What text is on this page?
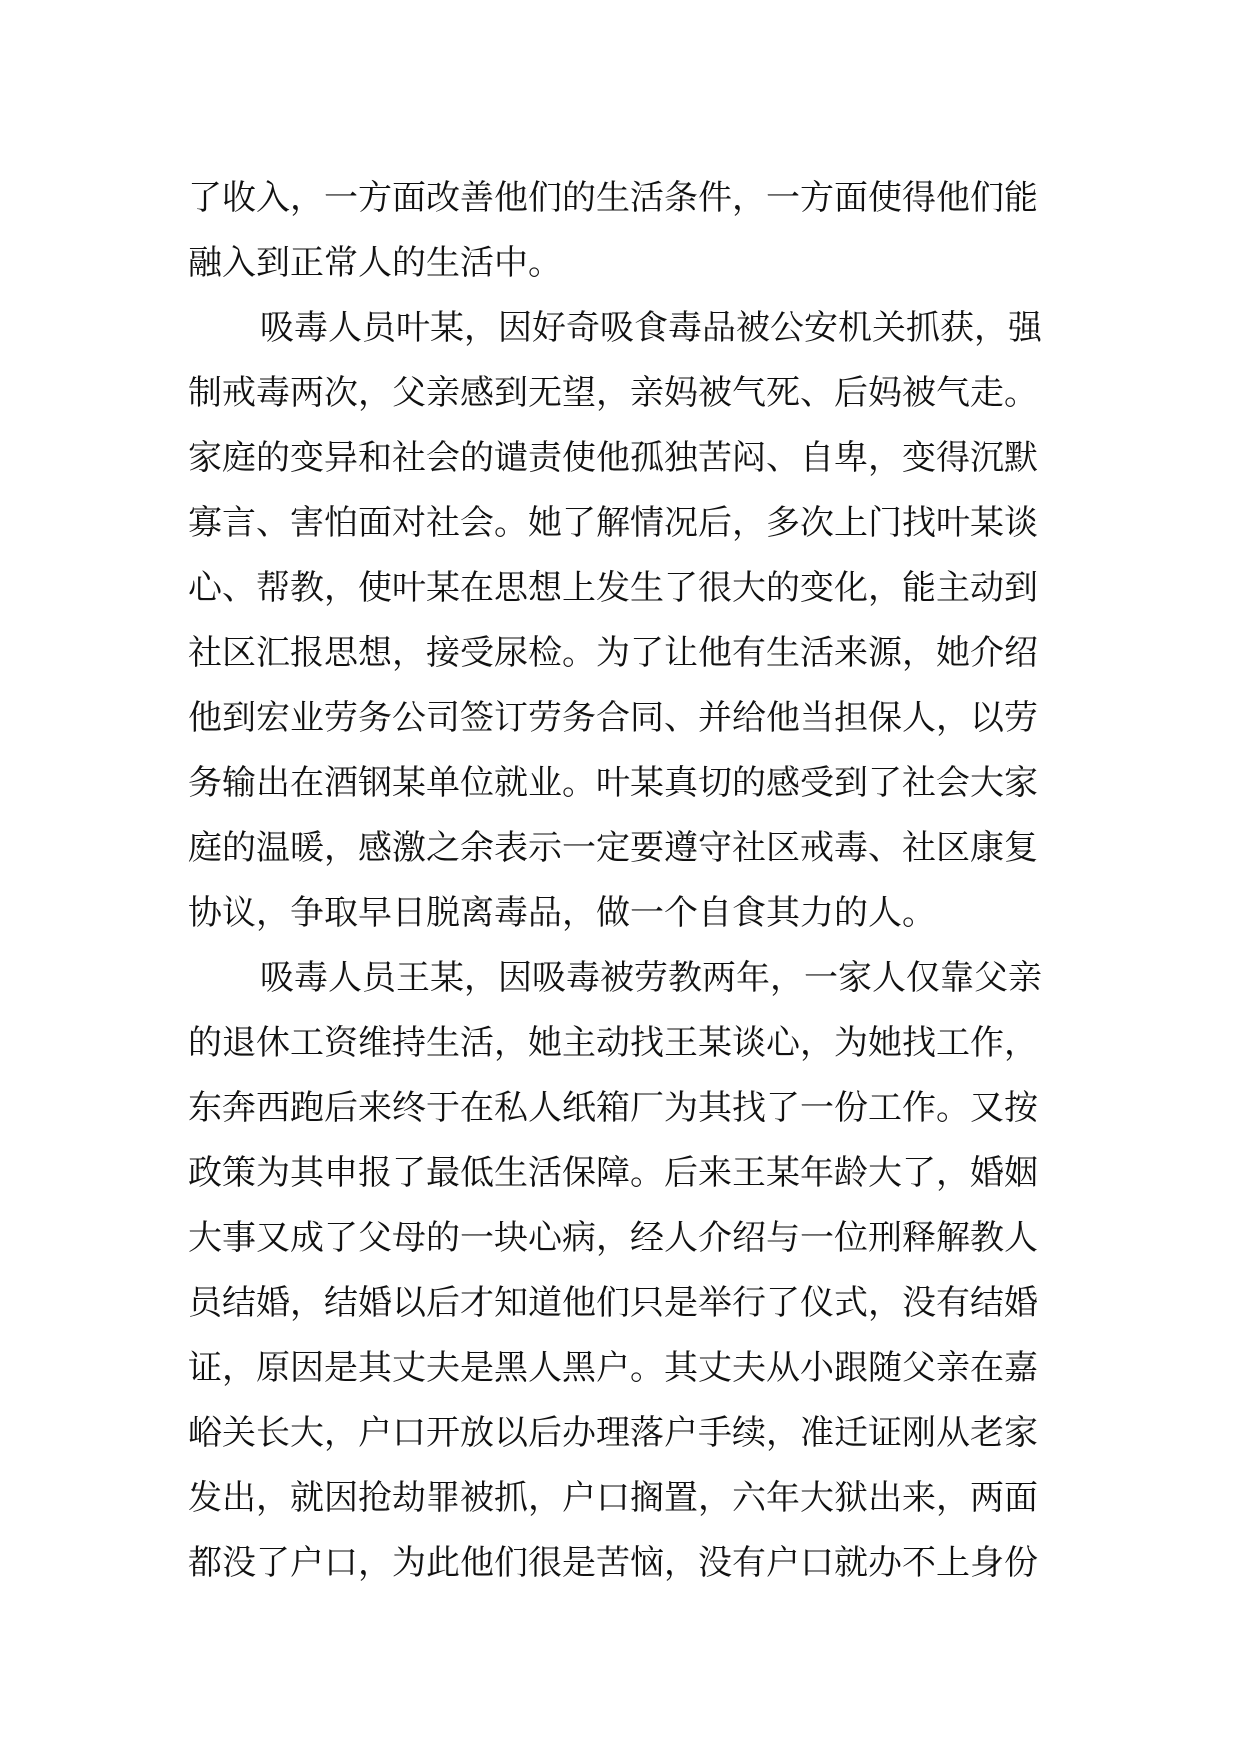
了收入，一方面改善他们的生活条件，一方面使得他们能
融入到正常人的生活中。
吸毒人员叶某，因好奇吸食毒品被公安机关抓获，强
制戒毒两次，父亲感到无望，亲妈被气死、后妈被气走。
家庭的变异和社会的谴责使他孤独苦闷、自卑，变得沉默
寡言、害怕面对社会。她了解情况后，多次上门找叶某谈
心、帮教，使叶某在思想上发生了很大的变化，能主动到
社区汇报思想，接受尿检。为了让他有生活来源，她介绍
他到宏业劳务公司签订劳务合同、并给他当担保人，以劳
务输出在酒钢某单位就业。叶某真切的感受到了社会大家
庭的温暖，感激之余表示一定要遵守社区戒毒、社区康复
协议，争取早日脱离毒品，做一个自食其力的人。
吸毒人员王某，因吸毒被劳教两年，一家人仅靠父亲
的退休工资维持生活，她主动找王某谈心，为她找工作，
东奔西跑后来终于在私人纸箱厂为其找了一份工作。又按
政策为其申报了最低生活保障。后来王某年龄大了，婚姻
大事又成了父母的一块心病，经人介绍与一位刑释解教人
员结婚，结婚以后才知道他们只是举行了仪式，没有结婚
证，原因是其丈夫是黑人黑户。其丈夫从小跟随父亲在嘉
峪关长大，户口开放以后办理落户手续，准迁证刚从老家
发出，就因抢劫罪被抓，户口搁置，六年大狱出来，两面
都没了户口，为此他们很是苦恼，没有户口就办不上身份
